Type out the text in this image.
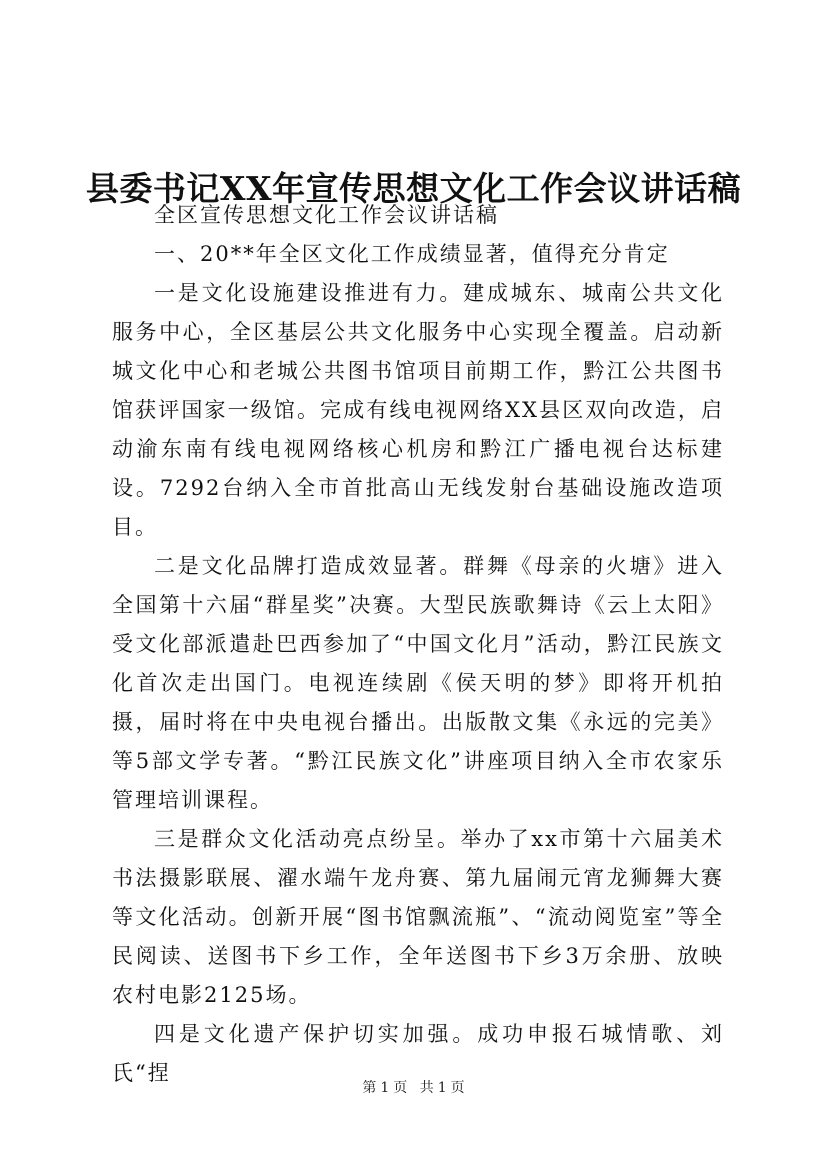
县委书记XX年宣传思想文化工作会议讲话稿

全区宣传思想文化工作会议讲话稿

一、20**年全区文化工作成绩显著，值得充分肯定

一是文化设施建设推进有力。建成城东、城南公共文化服务中心，全区基层公共文化服务中心实现全覆盖。启动新城文化中心和老城公共图书馆项目前期工作，黔江公共图书馆获评国家一级馆。完成有线电视网络XX县区双向改造，启动渝东南有线电视网络核心机房和黔江广播电视台达标建设。7292台纳入全市首批高山无线发射台基础设施改造项目。

二是文化品牌打造成效显著。群舞《母亲的火塘》进入全国第十六届“群星奖”决赛。大型民族歌舞诗《云上太阳》受文化部派遣赴巴西参加了“中国文化月”活动，黔江民族文化首次走出国门。电视连续剧《侯天明的梦》即将开机拍摄，届时将在中央电视台播出。出版散文集《永远的完美》等5部文学专著。“黔江民族文化”讲座项目纳入全市农家乐管理培训课程。

三是群众文化活动亮点纷呈。举办了xx市第十六届美术书法摄影联展、濯水端午龙舟赛、第九届闹元宵龙狮舞大赛等文化活动。创新开展“图书馆飘流瓶”、“流动阅览室”等全民阅读、送图书下乡工作，全年送图书下乡3万余册、放映农村电影2125场。

四是文化遗产保护切实加强。成功申报石城情歌、刘氏“捏

第 1 页 共 1 页
